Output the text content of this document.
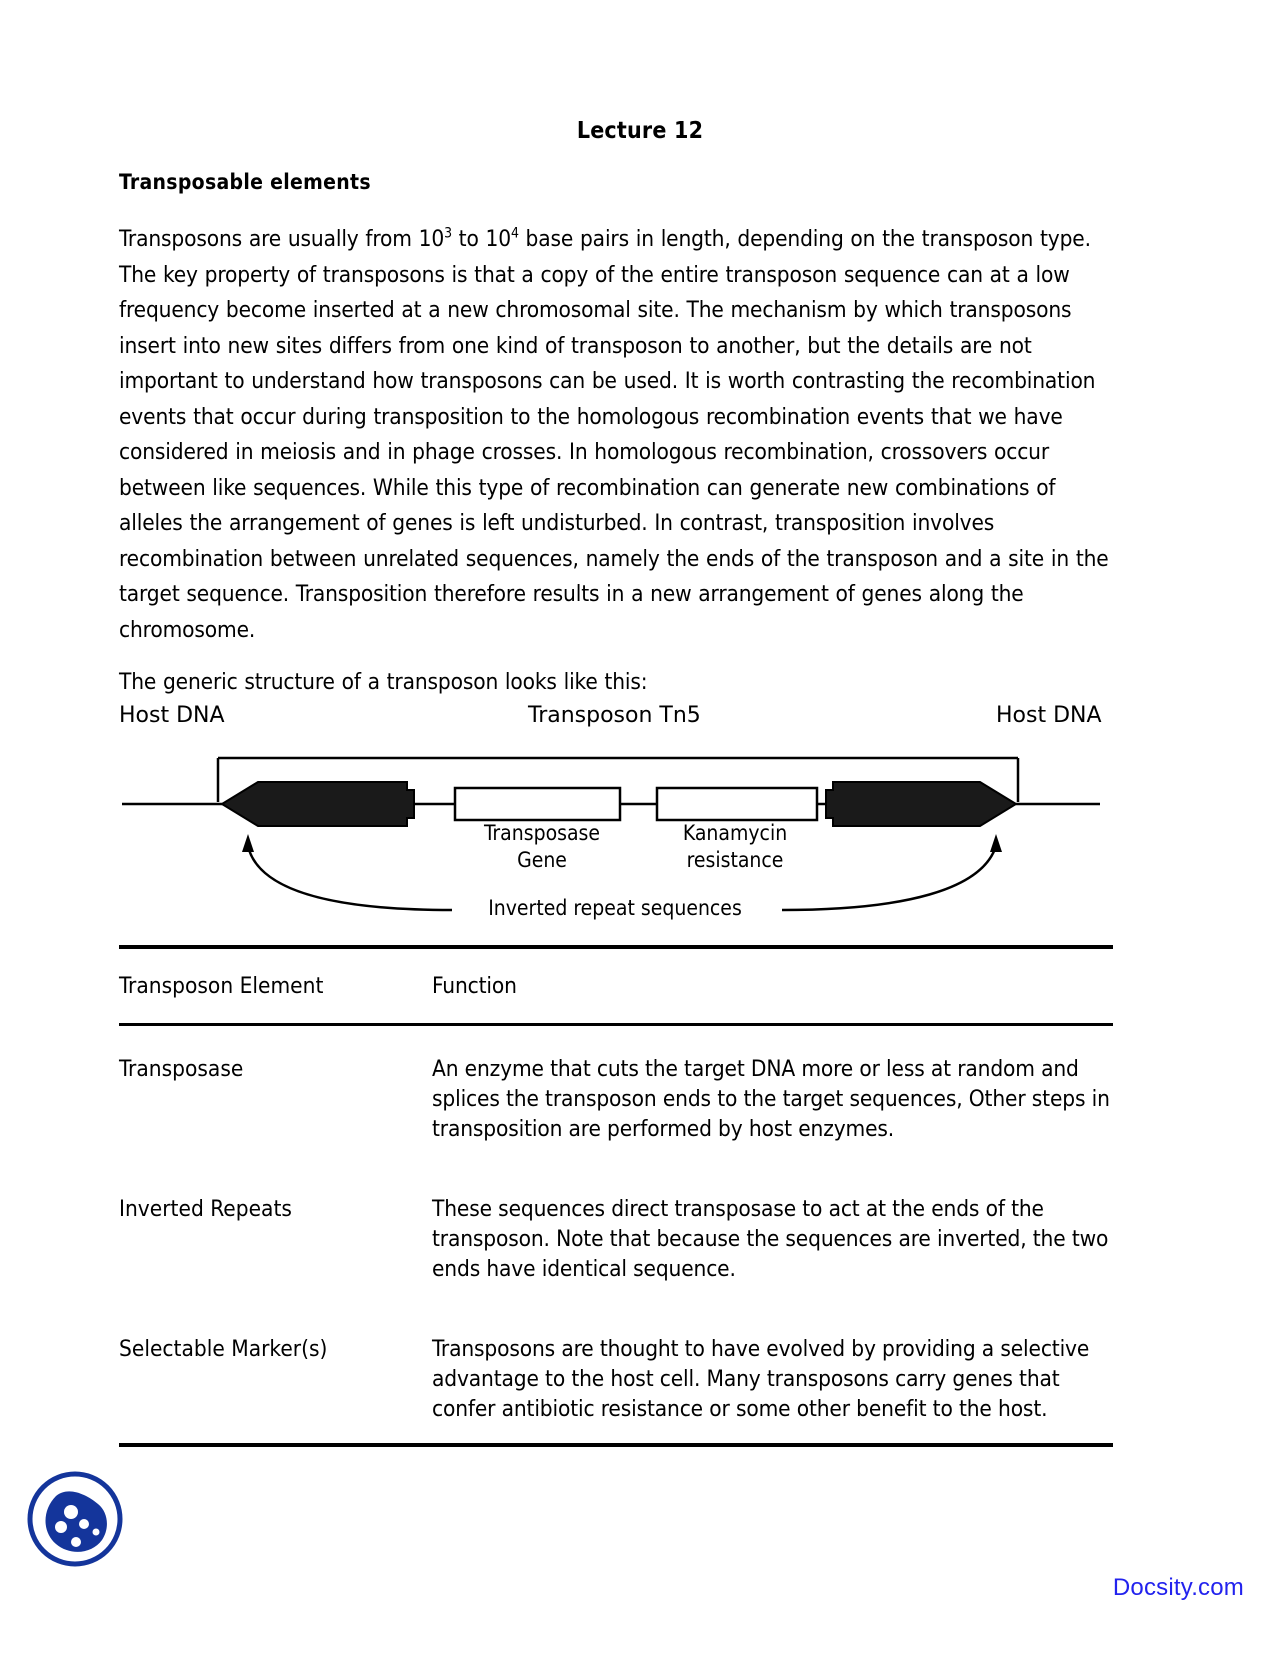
Lecture 12
Transposable elements
Transposons are usually from $10^3$ to $10^4$ base pairs in length, depending on the transposon type. The key property of transposons is that a copy of the entire transposon sequence can at a low frequency become inserted at a new chromosomal site. The mechanism by which transposons insert into new sites differs from one kind of transposon to another, but the details are not important to understand how transposons can be used. It is worth contrasting the recombination events that occur during transposition to the homologous recombination events that we have considered in meiosis and in phage crosses. In homologous recombination, crossovers occur between like sequences. While this type of recombination can generate new combinations of alleles the arrangement of genes is left undisturbed. In contrast, transposition involves recombination between unrelated sequences, namely the ends of the transposon and a site in the target sequence. Transposition therefore results in a new arrangement of genes along the chromosome.
The generic structure of a transposon looks like this:
Host DNA	Transposon Tn5	Host DNA
Transposase
Gene
Kanamycin
resistance
Inverted repeat sequences
Transposon Element	Function
Transposase	An enzyme that cuts the target DNA more or less at random and splices the transposon ends to the target sequences, Other steps in transposition are performed by host enzymes.
Inverted Repeats	These sequences direct transposase to act at the ends of the transposon. Note that because the sequences are inverted, the two ends have identical sequence.
Selectable Marker(s)	Transposons are thought to have evolved by providing a selective advantage to the host cell. Many transposons carry genes that confer antibiotic resistance or some other benefit to the host.
Docsity.com
